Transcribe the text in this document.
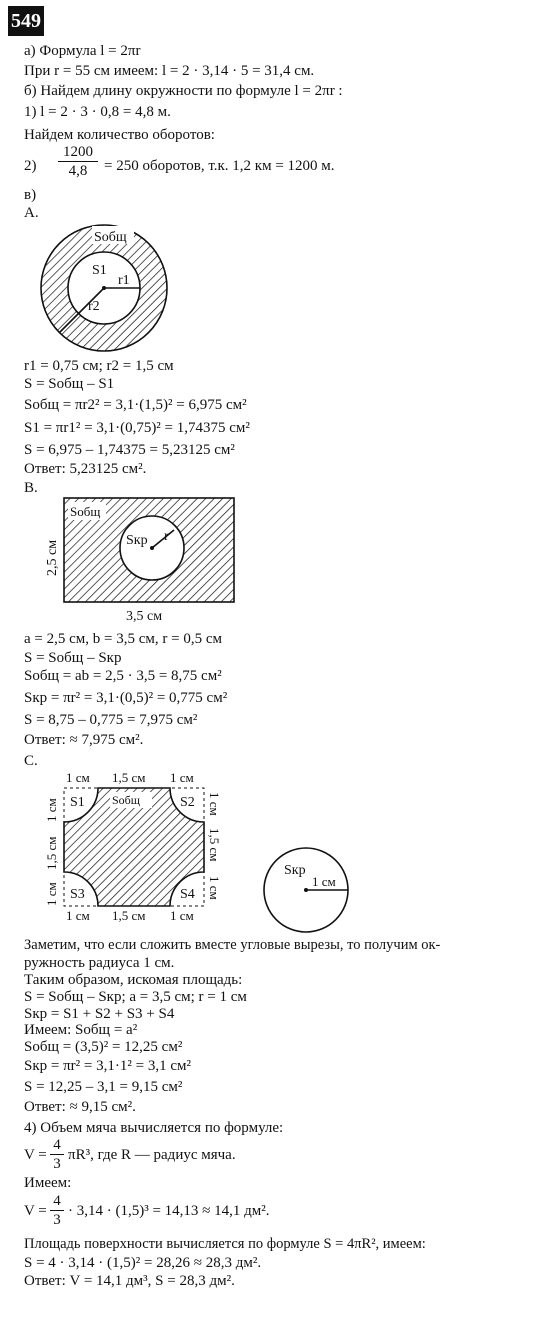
549
а) Формула l = 2πr
При r = 55 см имеем: l = 2 · 3,14 · 5 = 31,4 см.
б) Найдем длину окружности по формуле l = 2πr :
1) l = 2 · 3 · 0,8 = 4,8 м.
Найдем количество оборотов:
$2) \frac{1200}{4,8} = 250$ оборотов, т.к. 1,2 км = 1200 м.
в)
A.
Sобщ
S1
r1
r2
r1 = 0,75 см; r2 = 1,5 см
S = Sобщ – S1
Sобщ = πr2² = 3,1·(1,5)² = 6,975 см²
S1 = πr1² = 3,1·(0,75)² = 1,74375 см²
S = 6,975 – 1,74375 = 5,23125 см²
Ответ: 5,23125 см².
B.
Sобщ
Sкр r
2,5 см
3,5 см
a = 2,5 см, b = 3,5 см, r = 0,5 см
S = Sобщ – Sкр
Sобщ = ab = 2,5 · 3,5 = 8,75 см²
Sкр = πr² = 3,1·(0,5)² = 0,775 см²
S = 8,75 – 0,775 = 7,975 см²
Ответ: ≈ 7,975 см².
C.
Sобщ
S1	S2
S3	S4
1 см 1,5 см 1 см
1 см 1,5 см 1 см
1 см
1,5 см
1 см
1 см
1,5 см
1 см
Sкр
1 см
Заметим, что если сложить вместе угловые вырезы, то получим ок-
ружность радиуса 1 см.
Таким образом, искомая площадь:
S = Sобщ – Sкр; a = 3,5 см; r = 1 см
Sкр = S1 + S2 + S3 + S4
Имеем: Sобщ = a²
Sобщ = (3,5)² = 12,25 см²
Sкр = πr² = 3,1·1² = 3,1 см²
S = 12,25 – 3,1 = 9,15 см²
Ответ: ≈ 9,15 см².
4) Объем мяча вычисляется по формуле:
$V = \frac{4}{3} \pi R^3$, где R — радиус мяча.
Имеем:
$V = \frac{4}{3} \cdot 3,14 \cdot (1,5)^3 = 14,13 \approx 14,1$ дм².
Площадь поверхности вычисляется по формуле S = 4πR², имеем:
S = 4 · 3,14 · (1,5)² = 28,26 ≈ 28,3 дм².
Ответ: V = 14,1 дм³, S = 28,3 дм².
